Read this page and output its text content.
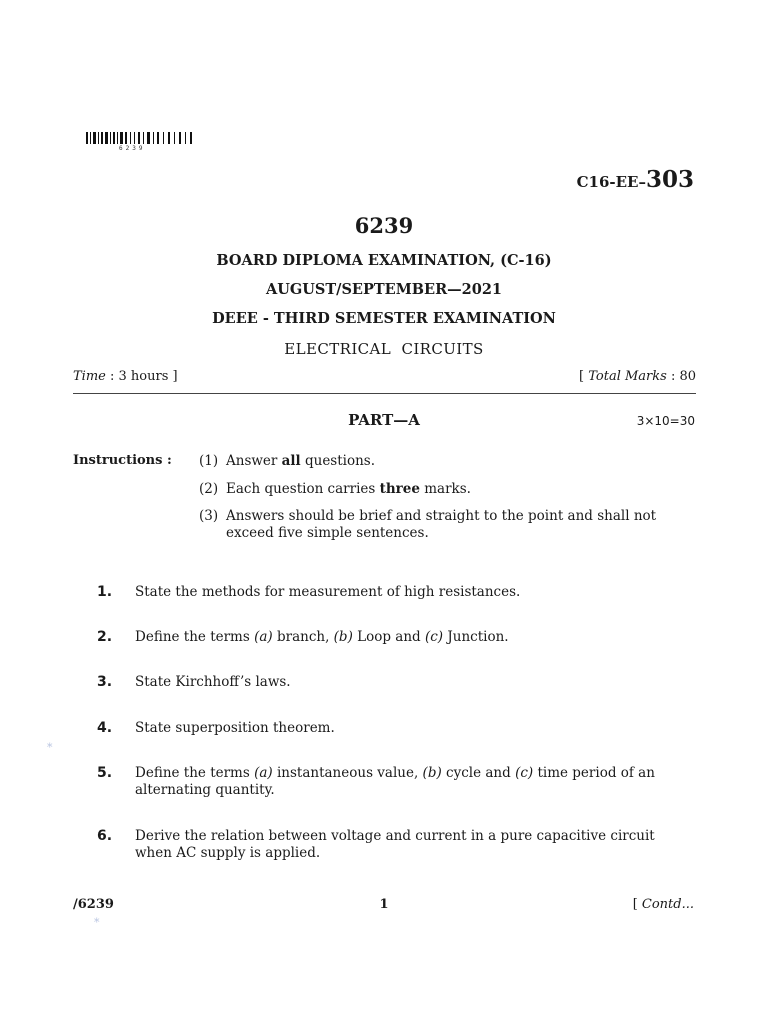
6239
C16-EE–303
6239
BOARD DIPLOMA EXAMINATION, (C-16)
AUGUST/SEPTEMBER—2021
DEEE - THIRD SEMESTER EXAMINATION
ELECTRICAL  CIRCUITS
Time : 3 hours ]	[ Total Marks : 80
PART—A	3×10=30
Instructions : (1) Answer all questions.
(2) Each question carries three marks.
(3) Answers should be brief and straight to the point and shall not exceed five simple sentences.
1. State the methods for measurement of high resistances.
2. Define the terms (a) branch, (b) Loop and (c) Junction.
3. State Kirchhoff’s laws.
4. State superposition theorem.
5. Define the terms (a) instantaneous value, (b) cycle and (c) time period of an alternating quantity.
6. Derive the relation between voltage and current in a pure capacitive circuit when AC supply is applied.
*
*
/6239	1	[ Contd...
